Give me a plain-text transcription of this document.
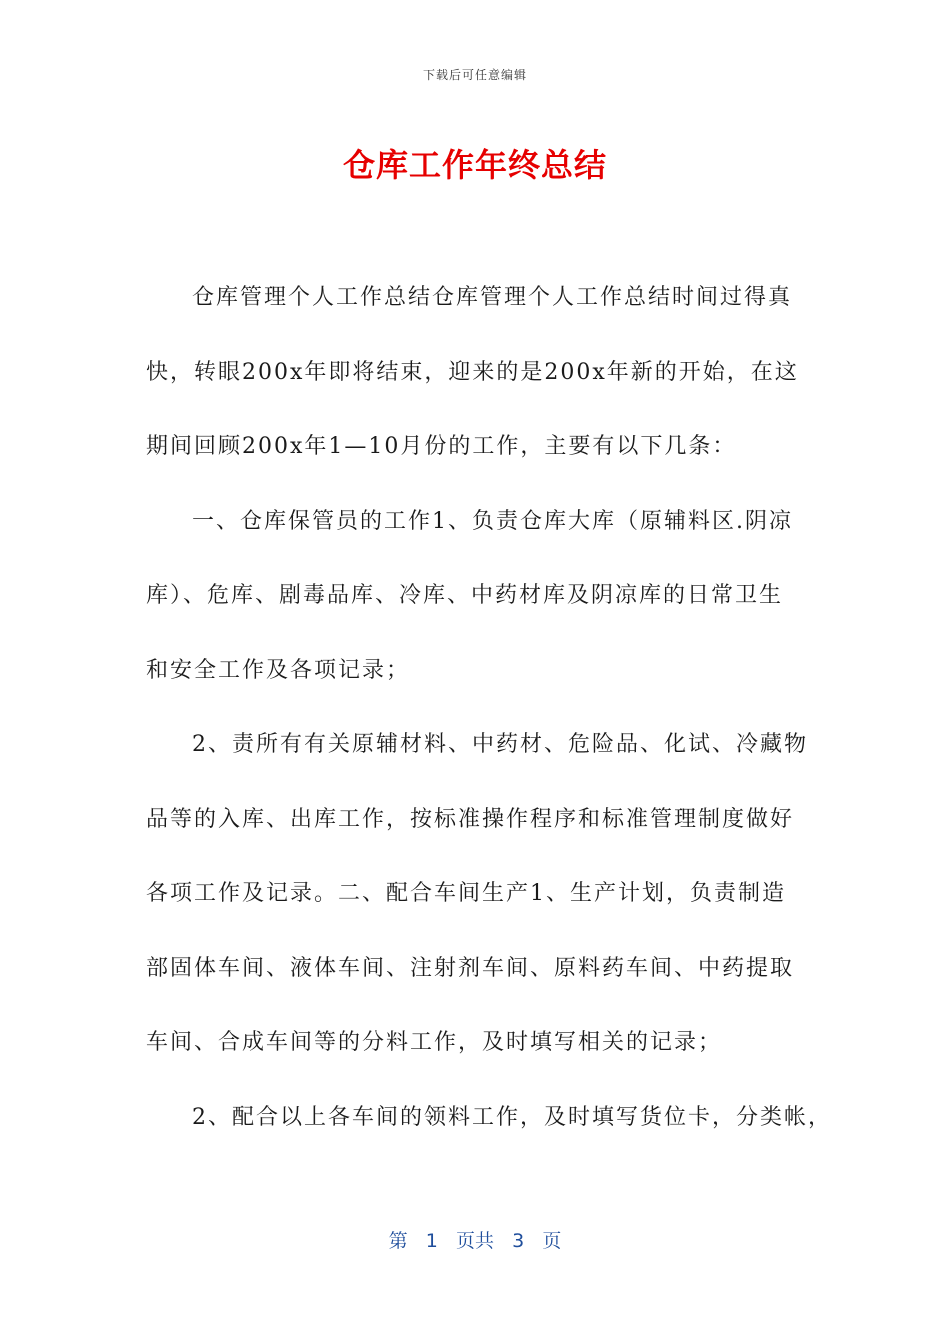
下载后可任意编辑
仓库工作年终总结
仓库管理个人工作总结仓库管理个人工作总结时间过得真
快，转眼200x年即将结束，迎来的是200x年新的开始，在这
期间回顾200x年1—10月份的工作，主要有以下几条：
一、仓库保管员的工作1、负责仓库大库（原辅料区.阴凉
库）、危库、剧毒品库、冷库、中药材库及阴凉库的日常卫生
和安全工作及各项记录；
2、责所有有关原辅材料、中药材、危险品、化试、冷藏物
品等的入库、出库工作，按标准操作程序和标准管理制度做好
各项工作及记录。二、配合车间生产1、生产计划，负责制造
部固体车间、液体车间、注射剂车间、原料药车间、中药提取
车间、合成车间等的分料工作，及时填写相关的记录；
2、配合以上各车间的领料工作，及时填写货位卡，分类帐，
第 1 页共 3 页
